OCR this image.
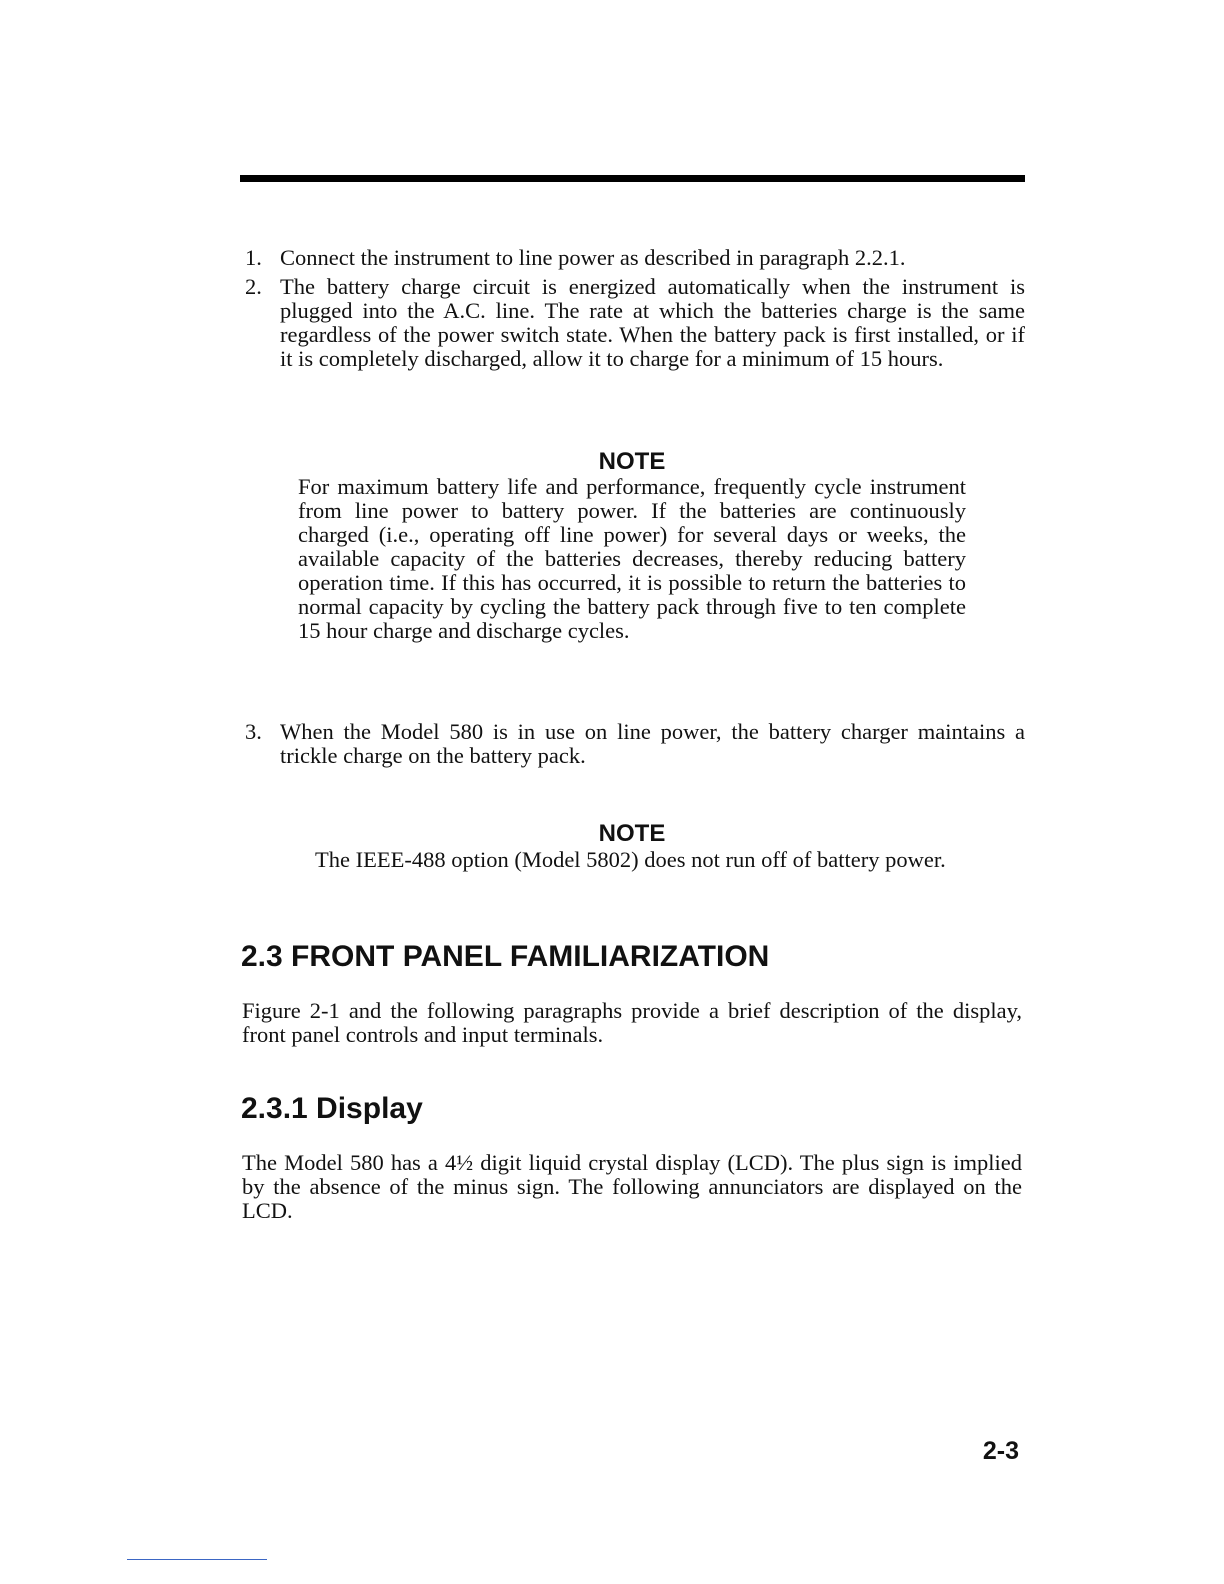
1. Connect the instrument to line power as described in paragraph 2.2.1.
2. The battery charge circuit is energized automatically when the instrument is plugged into the A.C. line. The rate at which the batteries charge is the same regardless of the power switch state. When the battery pack is first installed, or if it is completely discharged, allow it to charge for a minimum of 15 hours.
NOTE
For maximum battery life and performance, frequently cycle instrument from line power to battery power. If the batteries are continuously charged (i.e., operating off line power) for several days or weeks, the available capacity of the batteries decreases, thereby reducing battery operation time. If this has occurred, it is possible to return the batteries to normal capacity by cycling the battery pack through five to ten complete 15 hour charge and discharge cycles.
3. When the Model 580 is in use on line power, the battery charger maintains a trickle charge on the battery pack.
NOTE
The IEEE-488 option (Model 5802) does not run off of battery power.
2.3 FRONT PANEL FAMILIARIZATION
Figure 2-1 and the following paragraphs provide a brief description of the display, front panel controls and input terminals.
2.3.1 Display
The Model 580 has a 4½ digit liquid crystal display (LCD). The plus sign is implied by the absence of the minus sign. The following annunciators are displayed on the LCD.
2-3
